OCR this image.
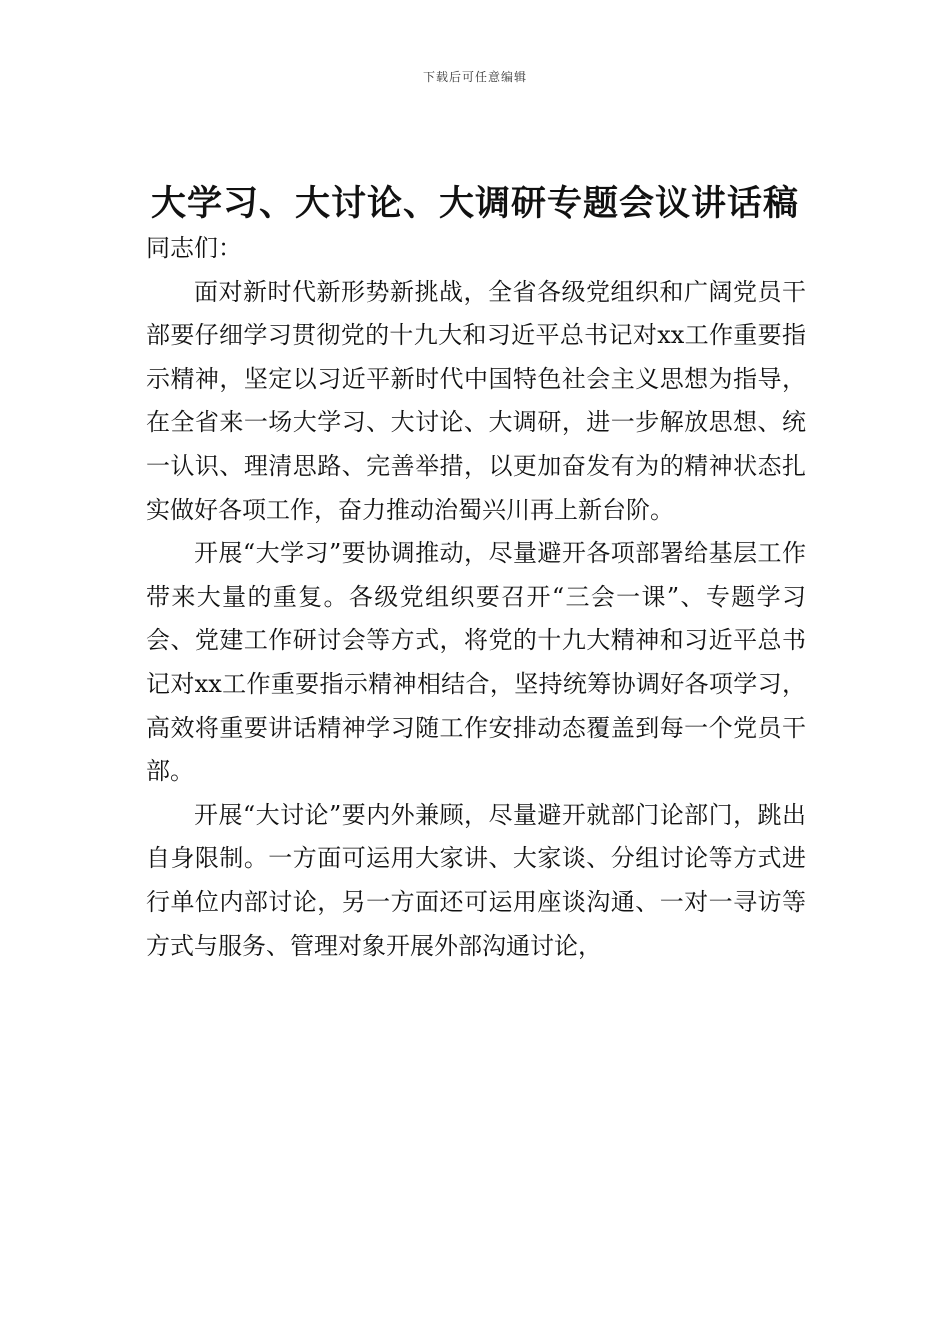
下载后可任意编辑
大学习、大讨论、大调研专题会议讲话稿

同志们：

面对新时代新形势新挑战，全省各级党组织和广阔党员干部要仔细学习贯彻党的十九大和习近平总书记对xx工作重要指示精神，坚定以习近平新时代中国特色社会主义思想为指导，在全省来一场大学习、大讨论、大调研，进一步解放思想、统一认识、理清思路、完善举措，以更加奋发有为的精神状态扎实做好各项工作，奋力推动治蜀兴川再上新台阶。

开展“大学习”要协调推动，尽量避开各项部署给基层工作带来大量的重复。各级党组织要召开“三会一课”、专题学习会、党建工作研讨会等方式，将党的十九大精神和习近平总书记对xx工作重要指示精神相结合，坚持统筹协调好各项学习，高效将重要讲话精神学习随工作安排动态覆盖到每一个党员干部。

开展“大讨论”要内外兼顾，尽量避开就部门论部门，跳出自身限制。一方面可运用大家讲、大家谈、分组讨论等方式进行单位内部讨论，另一方面还可运用座谈沟通、一对一寻访等方式与服务、管理对象开展外部沟通讨论，
